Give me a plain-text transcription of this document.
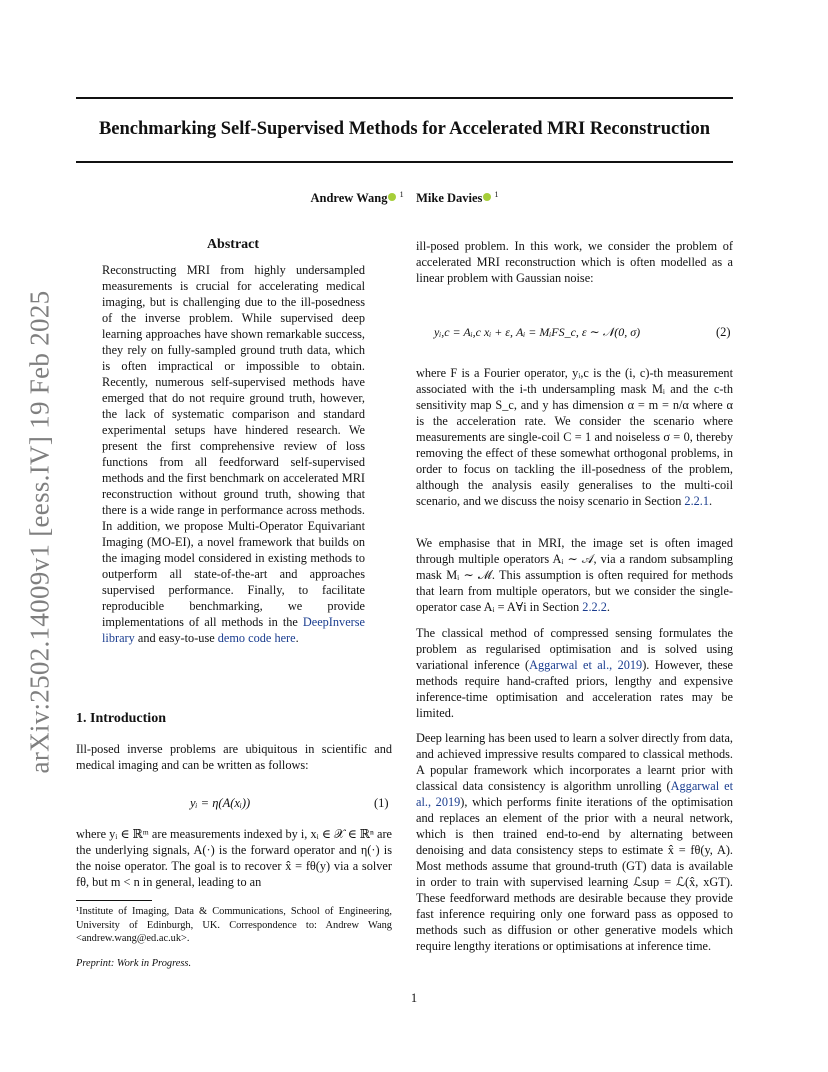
Benchmarking Self-Supervised Methods for Accelerated MRI Reconstruction
Andrew Wang $^1$ Mike Davies $^1$
arXiv:2502.14009v1 [eess.IV] 19 Feb 2025
Abstract
Reconstructing MRI from highly undersampled measurements is crucial for accelerating medical imaging, but is challenging due to the ill-posedness of the inverse problem. While supervised deep learning approaches have shown remarkable success, they rely on fully-sampled ground truth data, which is often impractical or impossible to obtain. Recently, numerous self-supervised methods have emerged that do not require ground truth, however, the lack of systematic comparison and standard experimental setups have hindered research. We present the first comprehensive review of loss functions from all feedforward self-supervised methods and the first benchmark on accelerated MRI reconstruction without ground truth, showing that there is a wide range in performance across methods. In addition, we propose Multi-Operator Equivariant Imaging (MO-EI), a novel framework that builds on the imaging model considered in existing methods to outperform all state-of-the-art and approaches supervised performance. Finally, to facilitate reproducible benchmarking, we provide implementations of all methods in the DeepInverse library and easy-to-use demo code here.
1. Introduction
Ill-posed inverse problems are ubiquitous in scientific and medical imaging and can be written as follows:
yᵢ = η(A(xᵢ))	(1)
where yᵢ ∈ ℝᵐ are measurements indexed by i, xᵢ ∈ 𝒳 ∈ ℝⁿ are the underlying signals, A(·) is the forward operator and η(·) is the noise operator. The goal is to recover x̂ = fθ(y) via a solver fθ, but m < n in general, leading to an
¹Institute of Imaging, Data & Communications, School of Engineering, University of Edinburgh, UK. Correspondence to: Andrew Wang <andrew.wang@ed.ac.uk>.
Preprint: Work in Progress.
ill-posed problem. In this work, we consider the problem of accelerated MRI reconstruction which is often modelled as a linear problem with Gaussian noise:
yᵢ,c = Aᵢ,c xᵢ + ε, Aᵢ = MᵢFS_c, ε ∼ 𝒩(0, σ)	(2)
where F is a Fourier operator, yᵢ,c is the (i, c)-th measurement associated with the i-th undersampling mask Mᵢ and the c-th sensitivity map S_c, and y has dimension α = m = n/α where α is the acceleration rate. We consider the scenario where measurements are single-coil C = 1 and noiseless σ = 0, thereby removing the effect of these somewhat orthogonal problems, in order to focus on tackling the ill-posedness of the problem, although the analysis easily generalises to the multi-coil scenario, and we discuss the noisy scenario in Section 2.2.1.
We emphasise that in MRI, the image set is often imaged through multiple operators Aᵢ ∼ 𝒜, via a random subsampling mask Mᵢ ∼ ℳ. This assumption is often required for methods that learn from multiple operators, but we consider the single-operator case Aᵢ = A∀i in Section 2.2.2.
The classical method of compressed sensing formulates the problem as regularised optimisation and is solved using variational inference (Aggarwal et al., 2019). However, these methods require hand-crafted priors, lengthy and expensive inference-time optimisation and acceleration rates may be limited.
Deep learning has been used to learn a solver directly from data, and achieved impressive results compared to classical methods. A popular framework which incorporates a learnt prior with classical data consistency is algorithm unrolling (Aggarwal et al., 2019), which performs finite iterations of the optimisation and replaces an element of the prior with a neural network, which is then trained end-to-end by alternating between denoising and data consistency steps to estimate x̂ = fθ(y, A). Most methods assume that ground-truth (GT) data is available in order to train with supervised learning ℒsup = ℒ(x̂, xGT). These feedforward methods are desirable because they provide fast inference requiring only one forward pass as opposed to methods such as diffusion or other generative models which require lengthy iterations or optimisations at inference time.
1
